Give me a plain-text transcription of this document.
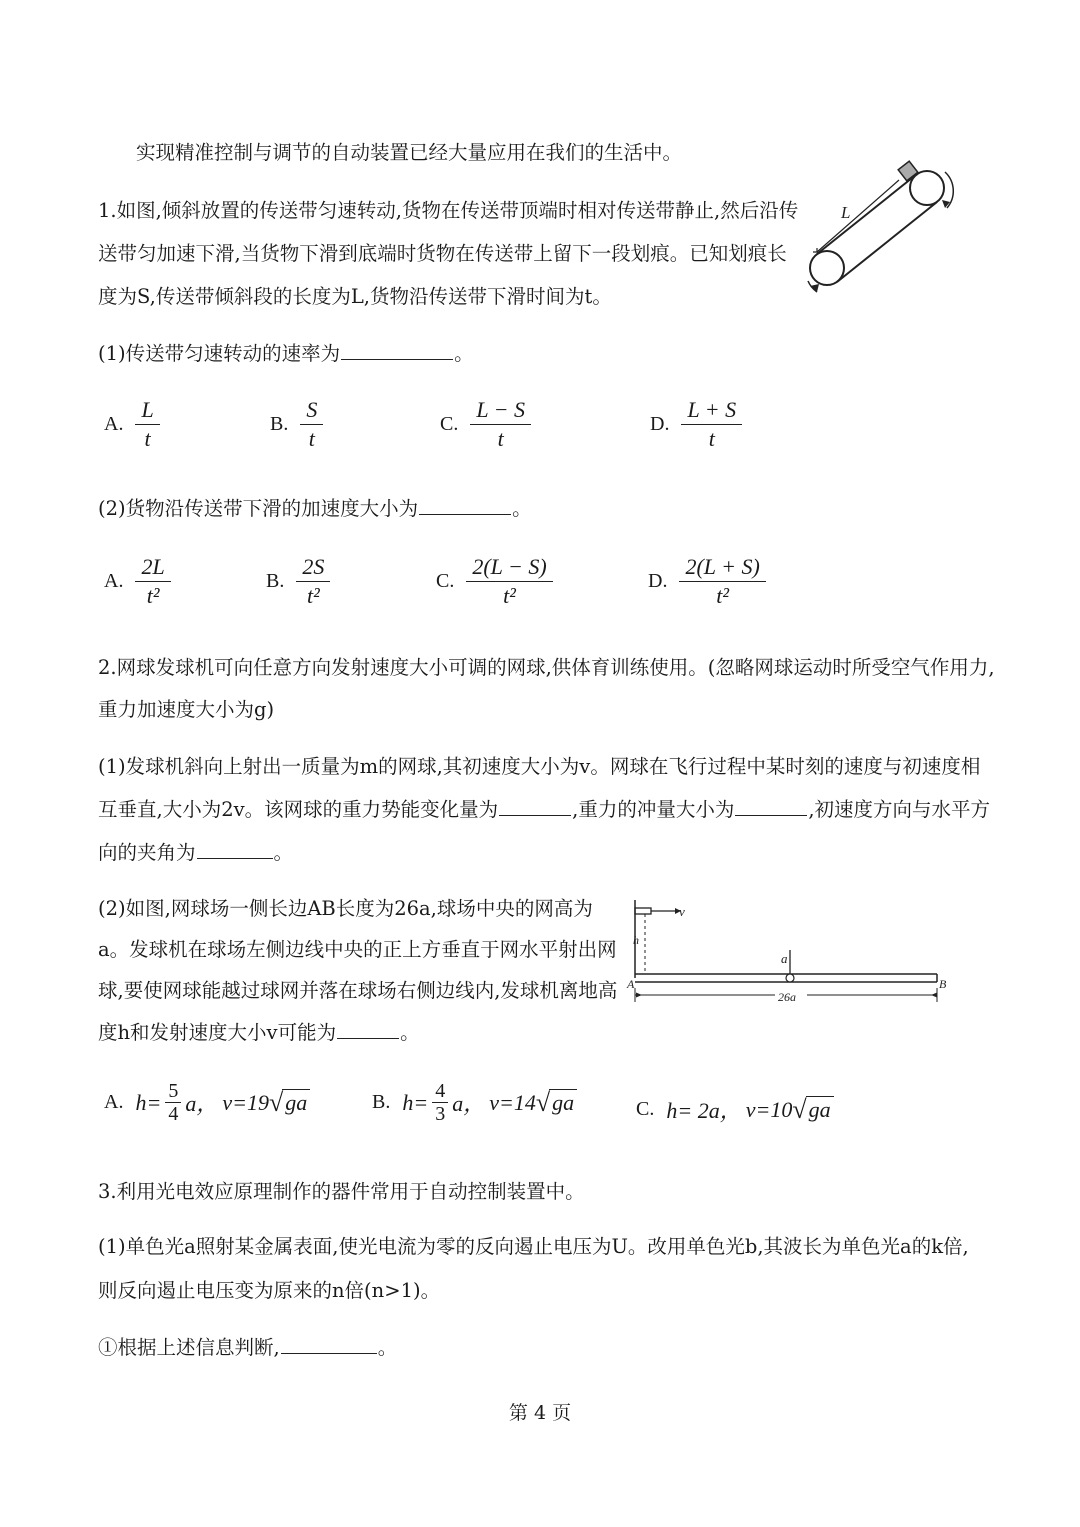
实现精准控制与调节的自动装置已经大量应用在我们的生活中。
1.如图,倾斜放置的传送带匀速转动,货物在传送带顶端时相对传送带静止,然后沿传
送带匀加速下滑,当货物下滑到底端时货物在传送带上留下一段划痕。已知划痕长
度为S,传送带倾斜段的长度为L,货物沿传送带下滑时间为t。
L
(1)传送带匀速转动的速率为	。
A. $\frac{L}{t}$	B. $\frac{S}{t}$	C. $\frac{L - S}{t}$	D. $\frac{L + S}{t}$
(2)货物沿传送带下滑的加速度大小为	。
A. $\frac{2L}{\text{t²}}$	B. $\frac{2S}{\text{t²}}$	C. $\frac{2(L - S)}{\text{t²}}$	D. $\frac{2(L + S)}{\text{t²}}$
2.网球发球机可向任意方向发射速度大小可调的网球,供体育训练使用。(忽略网球运动时所受空气作用力,
重力加速度大小为g)
(1)发球机斜向上射出一质量为m的网球,其初速度大小为v。网球在飞行过程中某时刻的速度与初速度相
互垂直,大小为2v。该网球的重力势能变化量为	,重力的冲量大小为	,初速度方向与水平方
向的夹角为	。
(2)如图,网球场一侧长边AB长度为26a,球场中央的网高为
a。发球机在球场左侧边线中央的正上方垂直于网水平射出网
球,要使网球能越过球网并落在球场右侧边线内,发球机离地高
度h和发射速度大小v可能为	。
v
h
a
A	B
26a
A. $h= \frac{5}{4}$ a， v=19 √ ga	B. $h= \frac{4}{3}$ a， v=14 √ ga	C. h= 2a， v=10 √ ga
3.利用光电效应原理制作的器件常用于自动控制装置中。
(1)单色光a照射某金属表面,使光电流为零的反向遏止电压为U。改用单色光b,其波长为单色光a的k倍,
则反向遏止电压变为原来的n倍(n>1)。
①根据上述信息判断,	。
第 4 页
